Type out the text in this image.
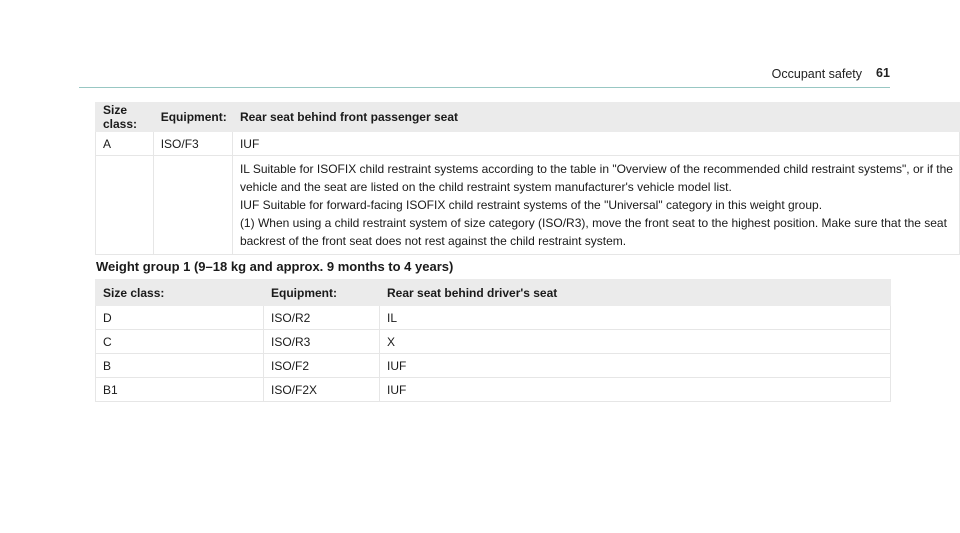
Occupant safety 61
Size class:	Equipment:	Rear seat behind front passenger seat
A	ISO/F3	IUF

		IL Suitable for ISOFIX child restraint systems according to the table in "Overview of the recommended child restraint systems", or if the
vehicle and the seat are listed on the child restraint system manufacturer's vehicle model list.
IUF Suitable for forward-facing ISOFIX child restraint systems of the "Universal" category in this weight group.
(1) When using a child restraint system of size category (ISO/R3), move the front seat to the highest position. Make sure that the seat
backrest of the front seat does not rest against the child restraint system.
Weight group 1 (9–18 kg and approx. 9 months to 4 years)
Size class:	Equipment:	Rear seat behind driver's seat
D	ISO/R2	IL
C	ISO/R3	X
B	ISO/F2	IUF
B1	ISO/F2X	IUF
